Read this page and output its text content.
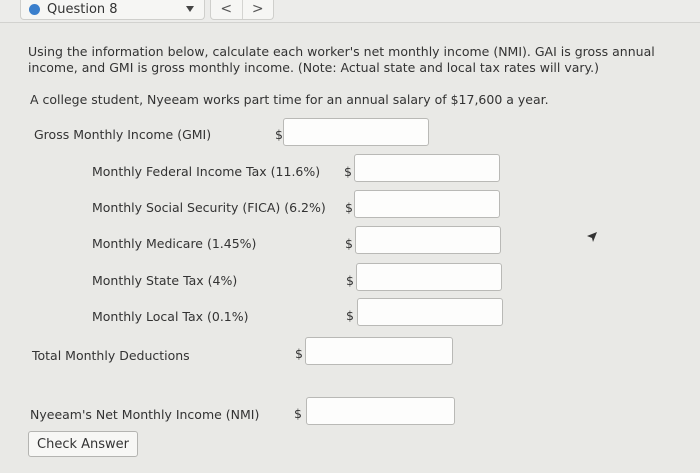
Question 8	<	>
Using the information below, calculate each worker's net monthly income (NMI). GAI is gross annual income, and GMI is gross monthly income. (Note: Actual state and local tax rates will vary.)
A college student, Nyeeam works part time for an annual salary of $17,600 a year.
Gross Monthly Income (GMI)	$
Monthly Federal Income Tax (11.6%) $
Monthly Social Security (FICA) (6.2%) $
Monthly Medicare (1.45%)	$
Monthly State Tax (4%)	$
Monthly Local Tax (0.1%)	$
Total Monthly Deductions	$
Nyeeam's Net Monthly Income (NMI)	$
Check Answer
